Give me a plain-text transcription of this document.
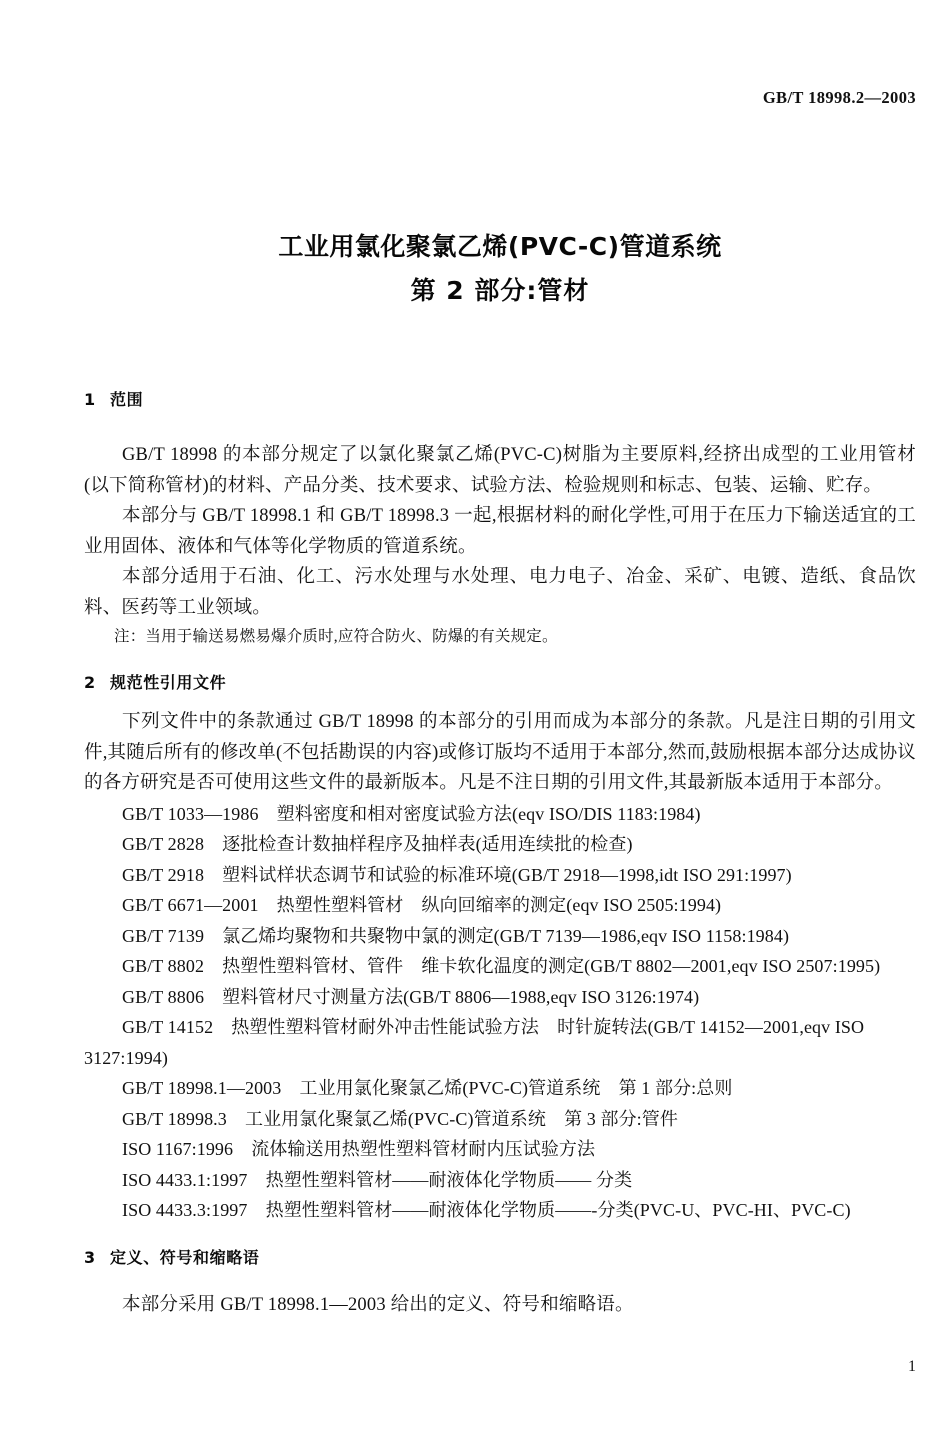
GB/T 18998.2—2003
工业用氯化聚氯乙烯(PVC-C)管道系统
第 2 部分:管材
1 范围

GB/T 18998 的本部分规定了以氯化聚氯乙烯(PVC-C)树脂为主要原料,经挤出成型的工业用管材(以下简称管材)的材料、产品分类、技术要求、试验方法、检验规则和标志、包装、运输、贮存。

本部分与 GB/T 18998.1 和 GB/T 18998.3 一起,根据材料的耐化学性,可用于在压力下输送适宜的工业用固体、液体和气体等化学物质的管道系统。

本部分适用于石油、化工、污水处理与水处理、电力电子、冶金、采矿、电镀、造纸、食品饮料、医药等工业领域。

注：当用于输送易燃易爆介质时,应符合防火、防爆的有关规定。

2 规范性引用文件

下列文件中的条款通过 GB/T 18998 的本部分的引用而成为本部分的条款。凡是注日期的引用文件,其随后所有的修改单(不包括勘误的内容)或修订版均不适用于本部分,然而,鼓励根据本部分达成协议的各方研究是否可使用这些文件的最新版本。凡是不注日期的引用文件,其最新版本适用于本部分。

GB/T 1033—1986　塑料密度和相对密度试验方法(eqv ISO/DIS 1183:1984)
GB/T 2828　逐批检查计数抽样程序及抽样表(适用连续批的检查)
GB/T 2918　塑料试样状态调节和试验的标准环境(GB/T 2918—1998,idt ISO 291:1997)
GB/T 6671—2001　热塑性塑料管材　纵向回缩率的测定(eqv ISO 2505:1994)
GB/T 7139　氯乙烯均聚物和共聚物中氯的测定(GB/T 7139—1986,eqv ISO 1158:1984)
GB/T 8802　热塑性塑料管材、管件　维卡软化温度的测定(GB/T 8802—2001,eqv ISO 2507:1995)
GB/T 8806　塑料管材尺寸测量方法(GB/T 8806—1988,eqv ISO 3126:1974)
GB/T 14152　热塑性塑料管材耐外冲击性能试验方法　时针旋转法(GB/T 14152—2001,eqv ISO 3127:1994)
GB/T 18998.1—2003　工业用氯化聚氯乙烯(PVC-C)管道系统　第 1 部分:总则
GB/T 18998.3　工业用氯化聚氯乙烯(PVC-C)管道系统　第 3 部分:管件
ISO 1167:1996　流体输送用热塑性塑料管材耐内压试验方法
ISO 4433.1:1997　热塑性塑料管材——耐液体化学物质—— 分类
ISO 4433.3:1997　热塑性塑料管材——耐液体化学物质——-分类(PVC-U、PVC-HI、PVC-C)
3 定义、符号和缩略语

本部分采用 GB/T 18998.1—2003 给出的定义、符号和缩略语。

1
